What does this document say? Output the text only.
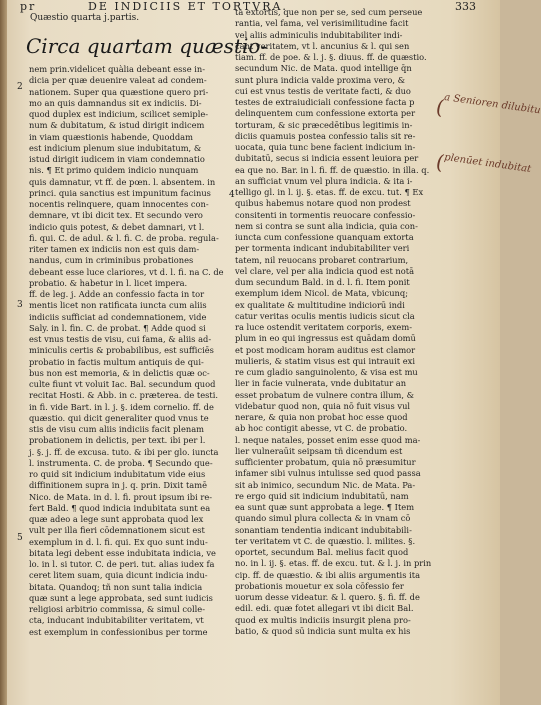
pr	DE INDICIIS ET TORTVRA.	333
Quæstio quarta j.partis.
Circa quartam quæstio-
nem prin.videlicet quàlia debeant esse in-
dicia per quæ deuenire valeat ad condem-
nationem. Super qua quæstione quero pri-
mo an quis damnandus sit ex indiciis. Di-
quod duplex est indicium, scilicet semiple-
num & dubitatum, & istud dirigit indicem
in viam quæstionis habende, Quoddam
est indicium plenum siue indubitatum, &
istud dirigit iudicem in viam condemnatio
nis. ¶ Et primo quidem indicio nunquam
quis damnatur, vt ff. de pœn. l. absentem. in
princi. quia sanctius est impunitum facinus
nocentis relinquere, quam innocentes con-
demnare, vt ibi dicit tex. Et secundo vero
indicio quis potest, & debet damnari, vt l.
fi. qui. C. de adul. & l. fi. C. de proba. regula-
riter tamen ex indiciis non est quis dam-
nandus, cum in criminibus probationes
debeant esse luce clariores, vt d. l. fi. na C. de
probatio. & habetur in l. licet impera.
ff. de leg. j. Adde an confessio facta in tor
mentis licet non ratificata iuncta cum aliis
indiciis sufficiat ad condemnationem, vide
Saly. in l. fin. C. de probat. ¶ Adde quod si
est vnus testis de visu, cui fama, & aliis ad-
miniculis certis & probabilibus, est sufficiēs
probatio in factis multum antiquis de qui-
bus non est memoria, & in delictis quæ oc-
culte fiunt vt voluit Iac. Bal. secundum quod
recitat Hosti. & Abb. in c. præterea. de testi.
in fi. vide Bart. in l. j. §. idem cornelio. ff. de
quæstio. qui dicit generaliter quod vnus te
stis de visu cum aliis indiciis facit plenam
probationem in delictis, per text. ibi per l.
j. §. j. ff. de excusa. tuto. & ibi per glo. iuncta
l. instrumenta. C. de proba. ¶ Secundo que-
ro quid sit indicium indubitatum vide eius
diffinitionem supra in j. q. prin. Dixit tamē
Nico. de Mata. in d. l. fi. prout ipsum ibi re-
fert Bald. ¶ quod indicia indubitata sunt ea
quæ adeo a lege sunt approbata quod lex
vult per illa fieri cōdemnationem sicut est
exemplum in d. l. fi. qui. Ex quo sunt indu-
bitata legi debent esse indubitata indicia, ve
lo. in l. si tutor. C. de peri. tut. alias iudex fa
ceret litem suam, quia dicunt indicia indu-
bitata. Quandoq; tñ non sunt talia indicia
quæ sunt a lege approbata, sed sunt iudicis
religiosi arbitrio commissa, & simul colle-
cta, inducant indubitabiliter veritatem, vt
est exemplum in confessionibus per torme
ta extortis, que non per se, sed cum perseue
rantia, vel fama, vel verisimilitudine facit
vel aliis adminiculis indubitabiliter indi-
cant veritatem, vt l. ancunius & l. qui sen
tiam. ff. de poe. & l. j. §. diuus. ff. de quæstio.
secundum Nic. de Mata. quod intellige q̄n
sunt plura indicia valde proxima vero, &
cui est vnus testis de veritate facti, & duo
testes de extraiudiciali confessione facta p
delinquentem cum confessione extorta per
torturam, & sic præcedētibus legitimis in-
diciis quamuis postea confessio talis sit re-
uocata, quia tunc bene facient indicium in-
dubitatū, secus si indicia essent leuiora per
ea que no. Bar. in l. fi. ff. de quæstio. in illa. q.
an sufficiat vnum vel plura indicia. & ita i-
telligo gl. in l. ij. §. etas. ff. de excu. tut. ¶ Ex
quibus habemus notare quod non prodest
consitenti in tormentis reuocare confessio-
nem si contra se sunt alia indicia, quia con-
iuncta cum confessione quanquam extorta
per tormenta indicant indubitabiliter veri
tatem, nil reuocans probaret contrarium,
vel clare, vel per alia indicia quod est notā
dum secundum Bald. in d. l. fi. Item ponit
exemplum idem Nicol. de Mata, vbicunq;
ex qualitate & multitudine indiciorū indi
catur veritas oculis mentis iudicis sicut cla
ra luce ostendit veritatem corporis, exem-
plum in eo qui ingressus est quādam domū
et post modicam horam auditus est clamor
mulieris, & statim visus est qui intrauit exi
re cum gladio sanguinolento, & visa est mu
lier in facie vulnerata, vnde dubitatur an
esset probatum de vulnere contra illum, &
videbatur quod non, quia nō fuit visus vul
nerare, & quia non probat hoc esse quod
ab hoc contigit abesse, vt C. de probatio.
l. neque natales, posset enim esse quod ma-
lier vulneraūit seipsam tñ dicendum est
sufficienter probatum, quia nō præsumitur
infamer sibi vulnus intulisse sed quod passa
sit ab inimico, secundum Nic. de Mata. Pa-
re ergo quid sit indicium indubitatū, nam
ea sunt quæ sunt approbata a lege. ¶ Item
quando simul plura collecta & in vnam cō
sonantiam tendentia indicant indubitabili-
ter veritatem vt C. de quæstio. l. milites. §.
oportet, secundum Bal. melius facit quod
no. in l. ij. §. etas. ff. de excu. tut. & l. j. in prin
cip. ff. de quæstio. & ibi aliis argumentis ita
probationis mouetur ex sola cōfessio fer
uorum desse videatur. & l. quero. §. fi. ff. de
edil. edi. quæ fotet allegari vt ibi dicit Bal.
quod ex multis indiciis insurgit plena pro-
batio, & quod sū indicia sunt multa ex his
2
3
4
5
( a Senioren dilubitu
( plenūet indubitat
